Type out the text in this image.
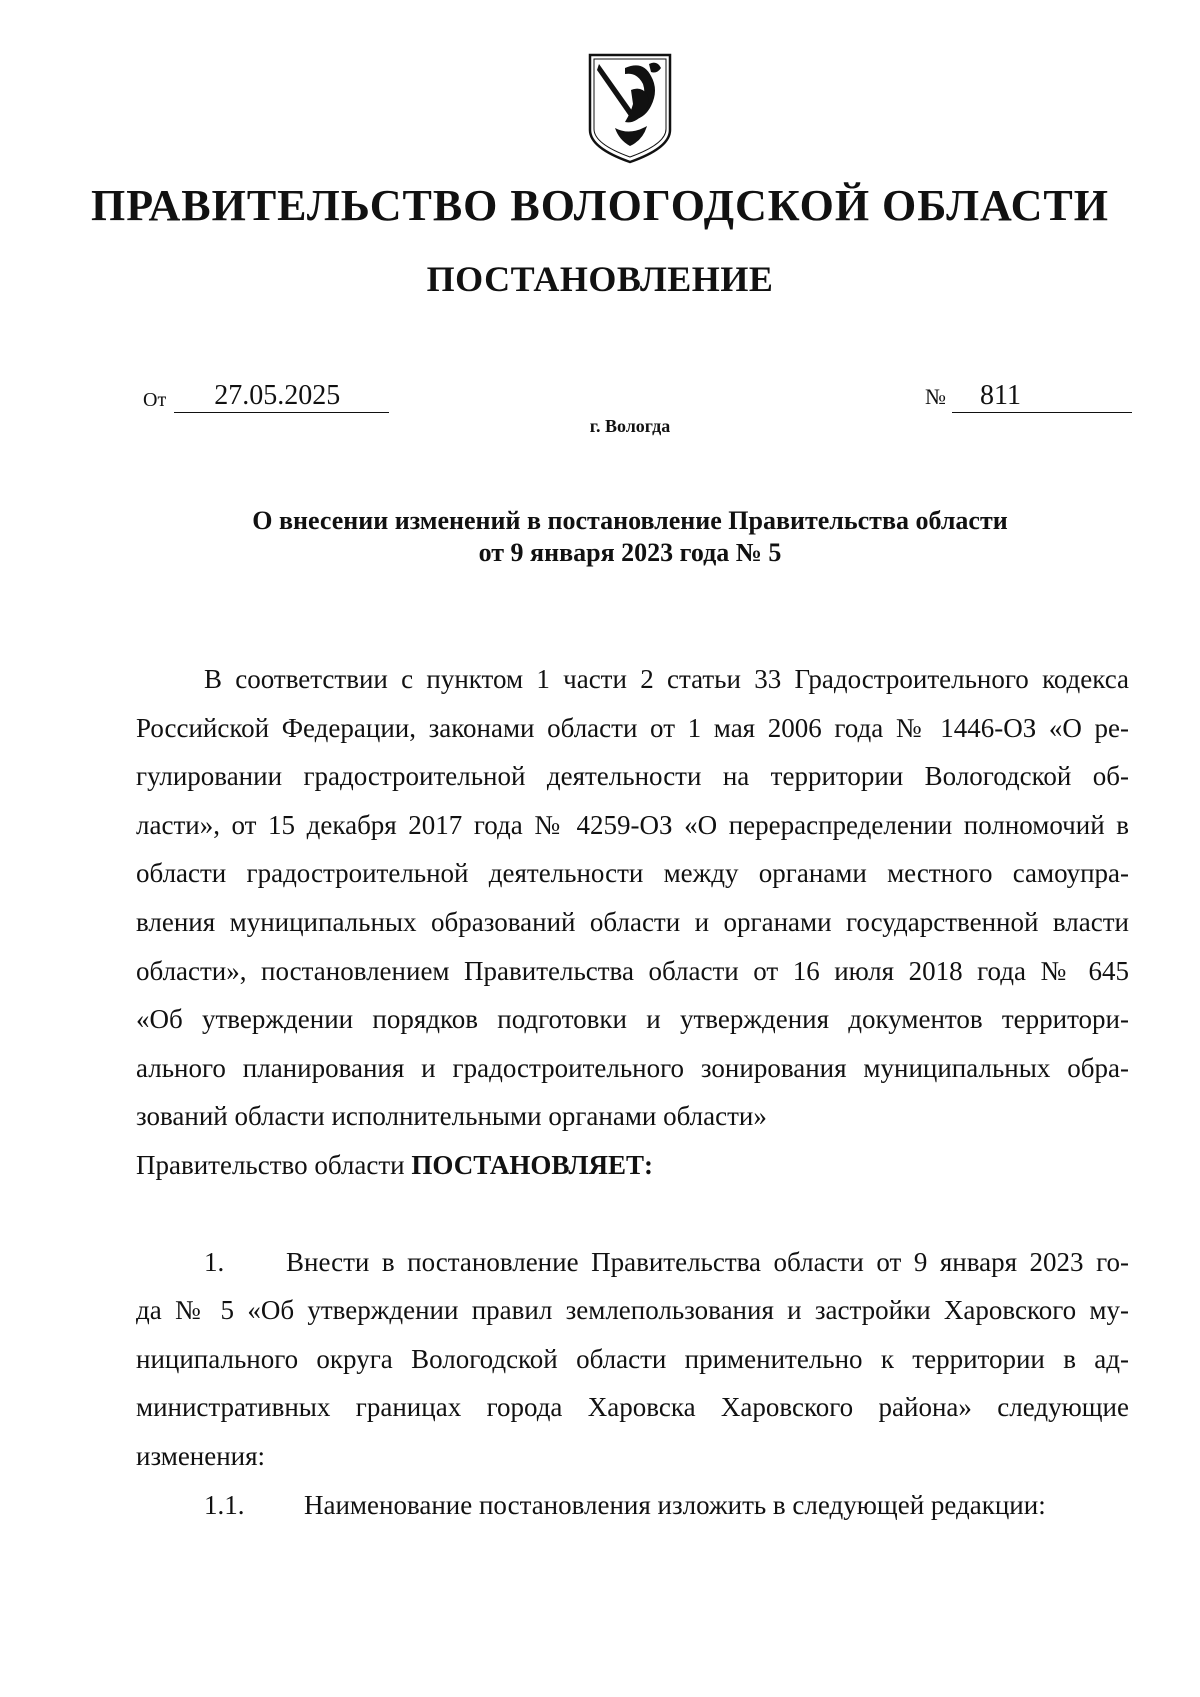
ПРАВИТЕЛЬСТВО ВОЛОГОДСКОЙ ОБЛАСТИ
ПОСТАНОВЛЕНИЕ
От 27.05.2025	№ 811
г. Вологда
О внесении изменений в постановление Правительства области
от 9 января 2023 года № 5
В соответствии с пунктом 1 части 2 статьи 33 Градостроительного кодекса
Российской Федерации, законами области от 1 мая 2006 года № 1446-ОЗ «О ре-
гулировании градостроительной деятельности на территории Вологодской об-
ласти», от 15 декабря 2017 года № 4259-ОЗ «О перераспределении полномочий в
области градостроительной деятельности между органами местного самоупра-
вления муниципальных образований области и органами государственной власти
области», постановлением Правительства области от 16 июля 2018 года № 645
«Об утверждении порядков подготовки и утверждения документов территори-
ального планирования и градостроительного зонирования муниципальных обра-
зований области исполнительными органами области»
Правительство области ПОСТАНОВЛЯЕТ:
1. Внести в постановление Правительства области от 9 января 2023 го-
да № 5 «Об утверждении правил землепользования и застройки Харовского му-
ниципального округа Вологодской области применительно к территории в ад-
министративных границах города Харовска Харовского района» следующие
изменения:
1.1. Наименование постановления изложить в следующей редакции:
